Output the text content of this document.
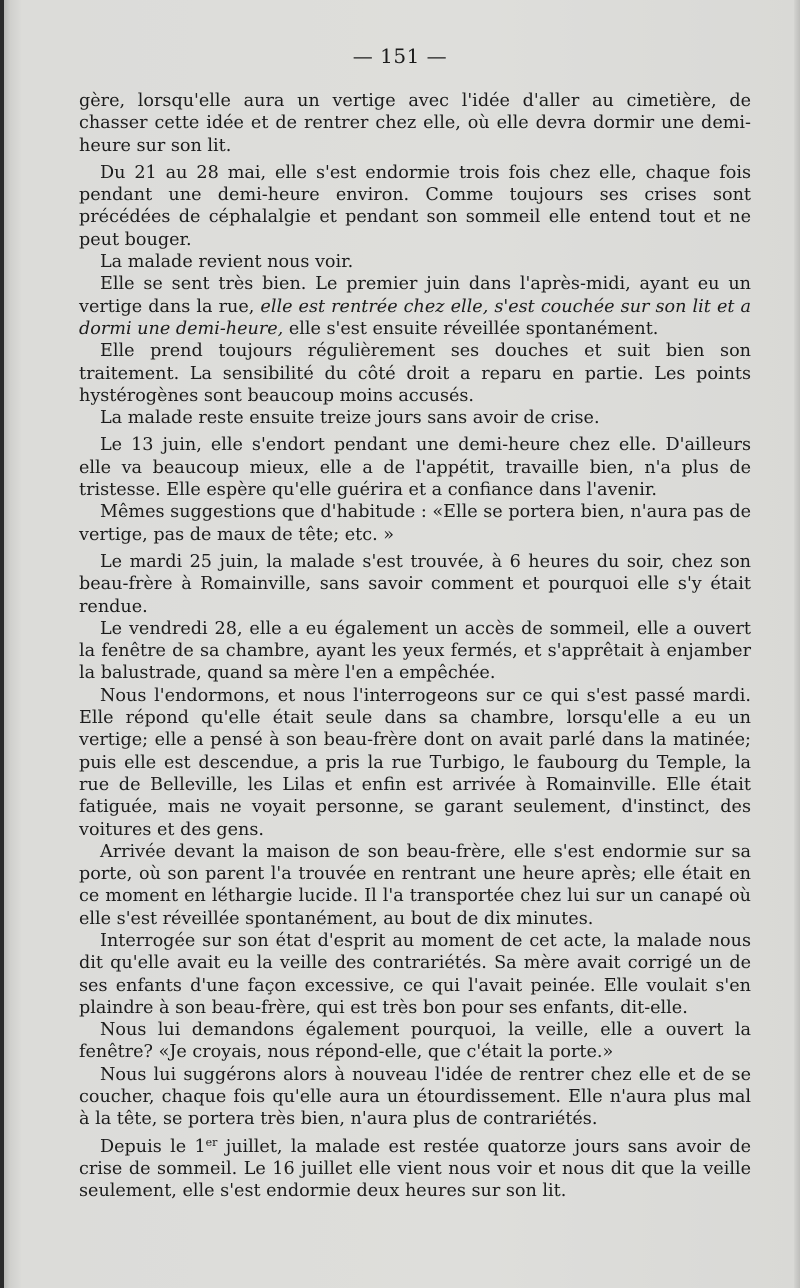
— 151 —

gère, lorsqu'elle aura un vertige avec l'idée d'aller au cimetière, de chasser cette idée et de rentrer chez elle, où elle devra dormir une demi-heure sur son lit.

Du 21 au 28 mai, elle s'est endormie trois fois chez elle, chaque fois pendant une demi-heure environ. Comme toujours ses crises sont précédées de céphalalgie et pendant son sommeil elle entend tout et ne peut bouger.

La malade revient nous voir.

Elle se sent très bien. Le premier juin dans l'après-midi, ayant eu un vertige dans la rue, elle est rentrée chez elle, s'est couchée sur son lit et a dormi une demi-heure, elle s'est ensuite réveillée spontanément.

Elle prend toujours régulièrement ses douches et suit bien son traitement. La sensibilité du côté droit a reparu en partie. Les points hystérogènes sont beaucoup moins accusés.

La malade reste ensuite treize jours sans avoir de crise.

Le 13 juin, elle s'endort pendant une demi-heure chez elle. D'ailleurs elle va beaucoup mieux, elle a de l'appétit, travaille bien, n'a plus de tristesse. Elle espère qu'elle guérira et a confiance dans l'avenir.

Mêmes suggestions que d'habitude : «Elle se portera bien, n'aura pas de vertige, pas de maux de tête; etc. »

Le mardi 25 juin, la malade s'est trouvée, à 6 heures du soir, chez son beau-frère à Romainville, sans savoir comment et pourquoi elle s'y était rendue.

Le vendredi 28, elle a eu également un accès de sommeil, elle a ouvert la fenêtre de sa chambre, ayant les yeux fermés, et s'apprêtait à enjamber la balustrade, quand sa mère l'en a empêchée.

Nous l'endormons, et nous l'interrogeons sur ce qui s'est passé mardi. Elle répond qu'elle était seule dans sa chambre, lorsqu'elle a eu un vertige; elle a pensé à son beau-frère dont on avait parlé dans la matinée; puis elle est descendue, a pris la rue Turbigo, le faubourg du Temple, la rue de Belleville, les Lilas et enfin est arrivée à Romainville. Elle était fatiguée, mais ne voyait personne, se garant seulement, d'instinct, des voitures et des gens.

Arrivée devant la maison de son beau-frère, elle s'est endormie sur sa porte, où son parent l'a trouvée en rentrant une heure après; elle était en ce moment en léthargie lucide. Il l'a transportée chez lui sur un canapé où elle s'est réveillée spontanément, au bout de dix minutes.

Interrogée sur son état d'esprit au moment de cet acte, la malade nous dit qu'elle avait eu la veille des contrariétés. Sa mère avait corrigé un de ses enfants d'une façon excessive, ce qui l'avait peinée. Elle voulait s'en plaindre à son beau-frère, qui est très bon pour ses enfants, dit-elle.

Nous lui demandons également pourquoi, la veille, elle a ouvert la fenêtre? «Je croyais, nous répond-elle, que c'était la porte.»

Nous lui suggérons alors à nouveau l'idée de rentrer chez elle et de se coucher, chaque fois qu'elle aura un étourdissement. Elle n'aura plus mal à la tête, se portera très bien, n'aura plus de contrariétés.

Depuis le 1er juillet, la malade est restée quatorze jours sans avoir de crise de sommeil. Le 16 juillet elle vient nous voir et nous dit que la veille seulement, elle s'est endormie deux heures sur son lit.
